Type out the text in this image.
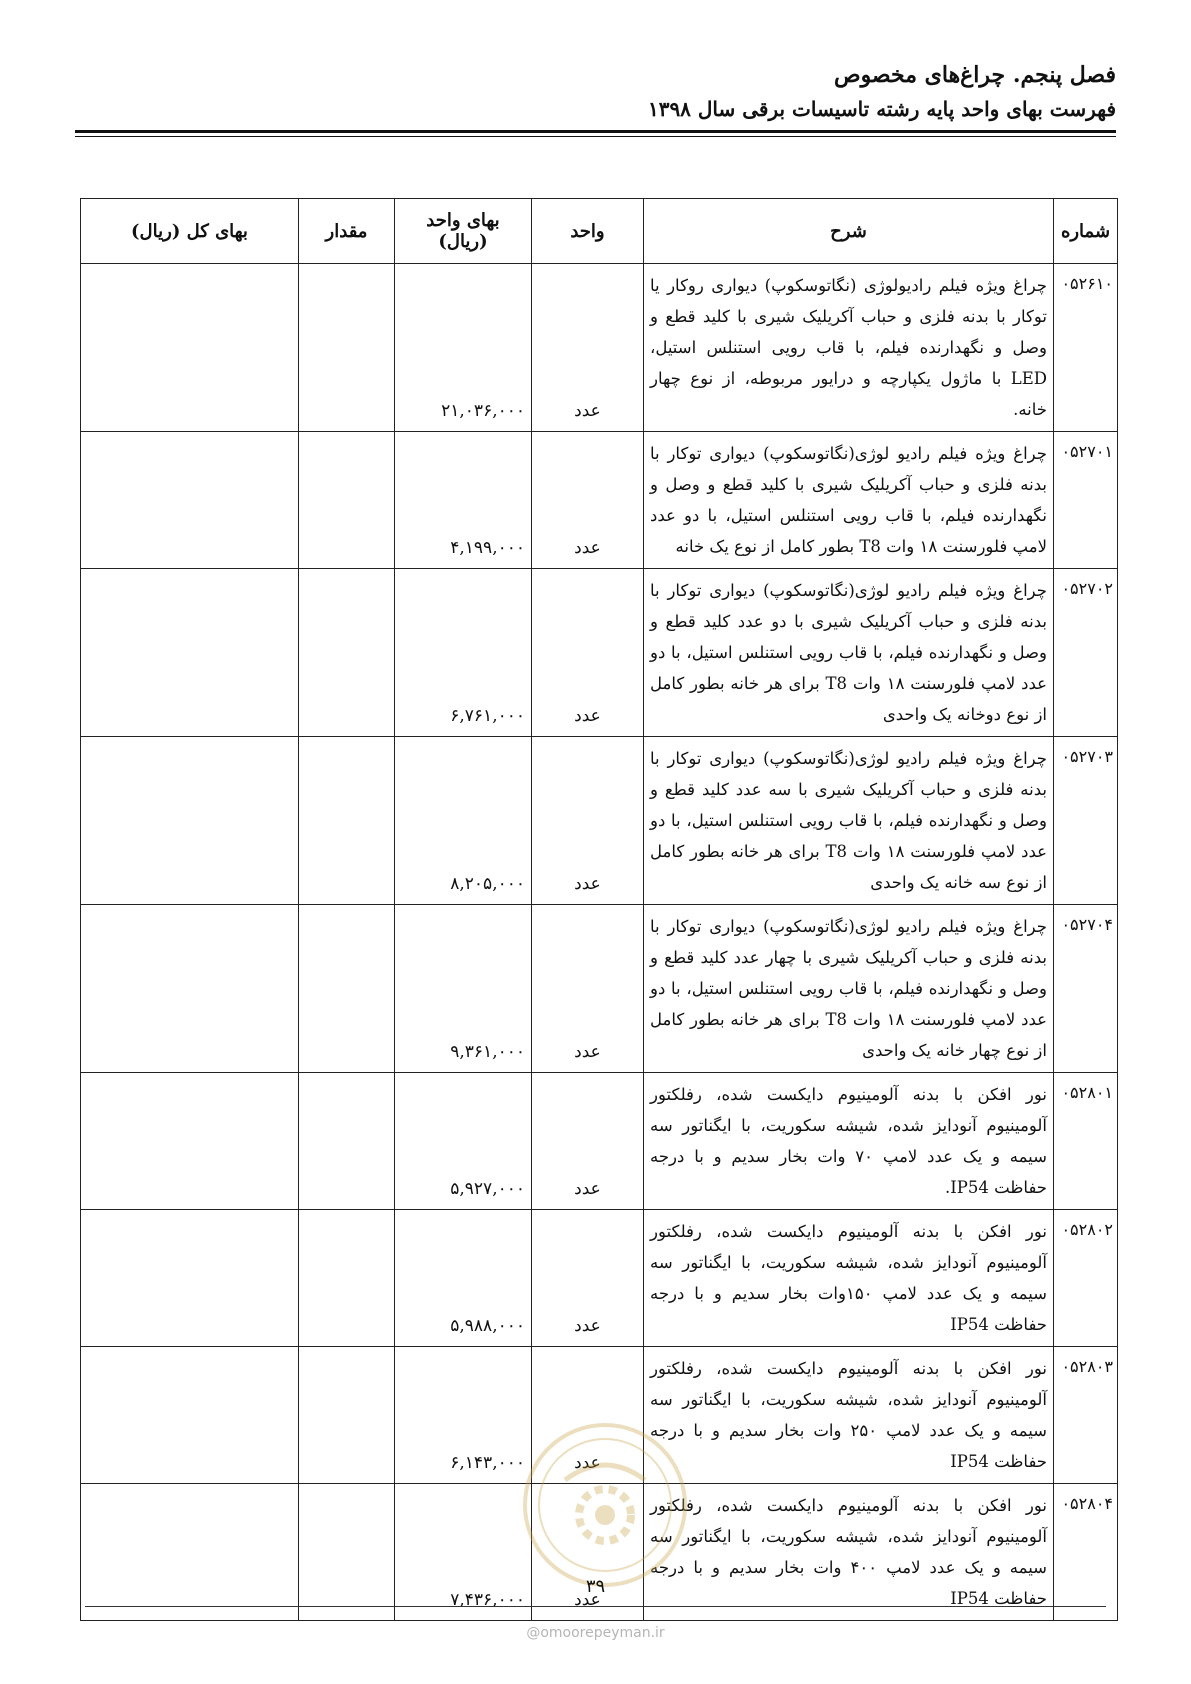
فصل پنجم. چراغ‌های مخصوص
فهرست بهای واحد پایه رشته تاسیسات برقی سال ۱۳۹۸
شماره	شرح	واحد	بهای واحد (ریال)	مقدار	بهای کل (ریال)
۰۵۲۶۱۰	چراغ ویژه فیلم رادیولوژی (نگاتوسکوپ) دیواری روکار یا توکار با بدنه فلزی و حباب آکریلیک شیری با کلید قطع و وصل و نگهدارنده فیلم، با قاب رویی استنلس استیل، LED با ماژول یکپارچه و درایور مربوطه، از نوع چهار خانه.	عدد	۲۱,۰۳۶,۰۰۰		
۰۵۲۷۰۱	چراغ ویژه فیلم رادیو لوژی(نگاتوسکوپ) دیواری توکار با بدنه فلزی و حباب آکریلیک شیری با کلید قطع و وصل و نگهدارنده فیلم، با قاب رویی استنلس استیل، با دو عدد لامپ فلورسنت ۱۸ وات T8 بطور کامل از نوع یک خانه	عدد	۴,۱۹۹,۰۰۰		
۰۵۲۷۰۲	چراغ ویژه فیلم رادیو لوژی(نگاتوسکوپ) دیواری توکار با بدنه فلزی و حباب آکریلیک شیری با دو عدد کلید قطع و وصل و نگهدارنده فیلم، با قاب رویی استنلس استیل، با دو عدد لامپ فلورسنت ۱۸ وات T8 برای هر خانه بطور کامل از نوع دوخانه یک واحدی	عدد	۶,۷۶۱,۰۰۰		
۰۵۲۷۰۳	چراغ ویژه فیلم رادیو لوژی(نگاتوسکوپ) دیواری توکار با بدنه فلزی و حباب آکریلیک شیری با سه عدد کلید قطع و وصل و نگهدارنده فیلم، با قاب رویی استنلس استیل، با دو عدد لامپ فلورسنت ۱۸ وات T8 برای هر خانه بطور کامل از نوع سه خانه یک واحدی	عدد	۸,۲۰۵,۰۰۰		
۰۵۲۷۰۴	چراغ ویژه فیلم رادیو لوژی(نگاتوسکوپ) دیواری توکار با بدنه فلزی و حباب آکریلیک شیری با چهار عدد کلید قطع و وصل و نگهدارنده فیلم، با قاب رویی استنلس استیل، با دو عدد لامپ فلورسنت ۱۸ وات T8 برای هر خانه بطور کامل از نوع چهار خانه یک واحدی	عدد	۹,۳۶۱,۰۰۰		
۰۵۲۸۰۱	نور افکن با بدنه آلومینیوم دایکست شده، رفلکتور آلومینیوم آنودایز شده، شیشه سکوریت، با ایگناتور سه سیمه و یک عدد لامپ ۷۰ وات بخار سدیم و با درجه حفاظت IP54.	عدد	۵,۹۲۷,۰۰۰		
۰۵۲۸۰۲	نور افکن با بدنه آلومینیوم دایکست شده، رفلکتور آلومینیوم آنودایز شده، شیشه سکوریت، با ایگناتور سه سیمه و یک عدد لامپ ۱۵۰وات بخار سدیم و با درجه حفاظت IP54	عدد	۵,۹۸۸,۰۰۰		
۰۵۲۸۰۳	نور افکن با بدنه آلومینیوم دایکست شده، رفلکتور آلومینیوم آنودایز شده، شیشه سکوریت، با ایگناتور سه سیمه و یک عدد لامپ ۲۵۰ وات بخار سدیم و با درجه حفاظت IP54	عدد	۶,۱۴۳,۰۰۰		
۰۵۲۸۰۴	نور افکن با بدنه آلومینیوم دایکست شده، رفلکتور آلومینیوم آنودایز شده، شیشه سکوریت، با ایگناتور سه سیمه و یک عدد لامپ ۴۰۰ وات بخار سدیم و با درجه حفاظت IP54	عدد	۷,۴۳۶,۰۰۰		
۳۹
@omoorepeyman.ir
